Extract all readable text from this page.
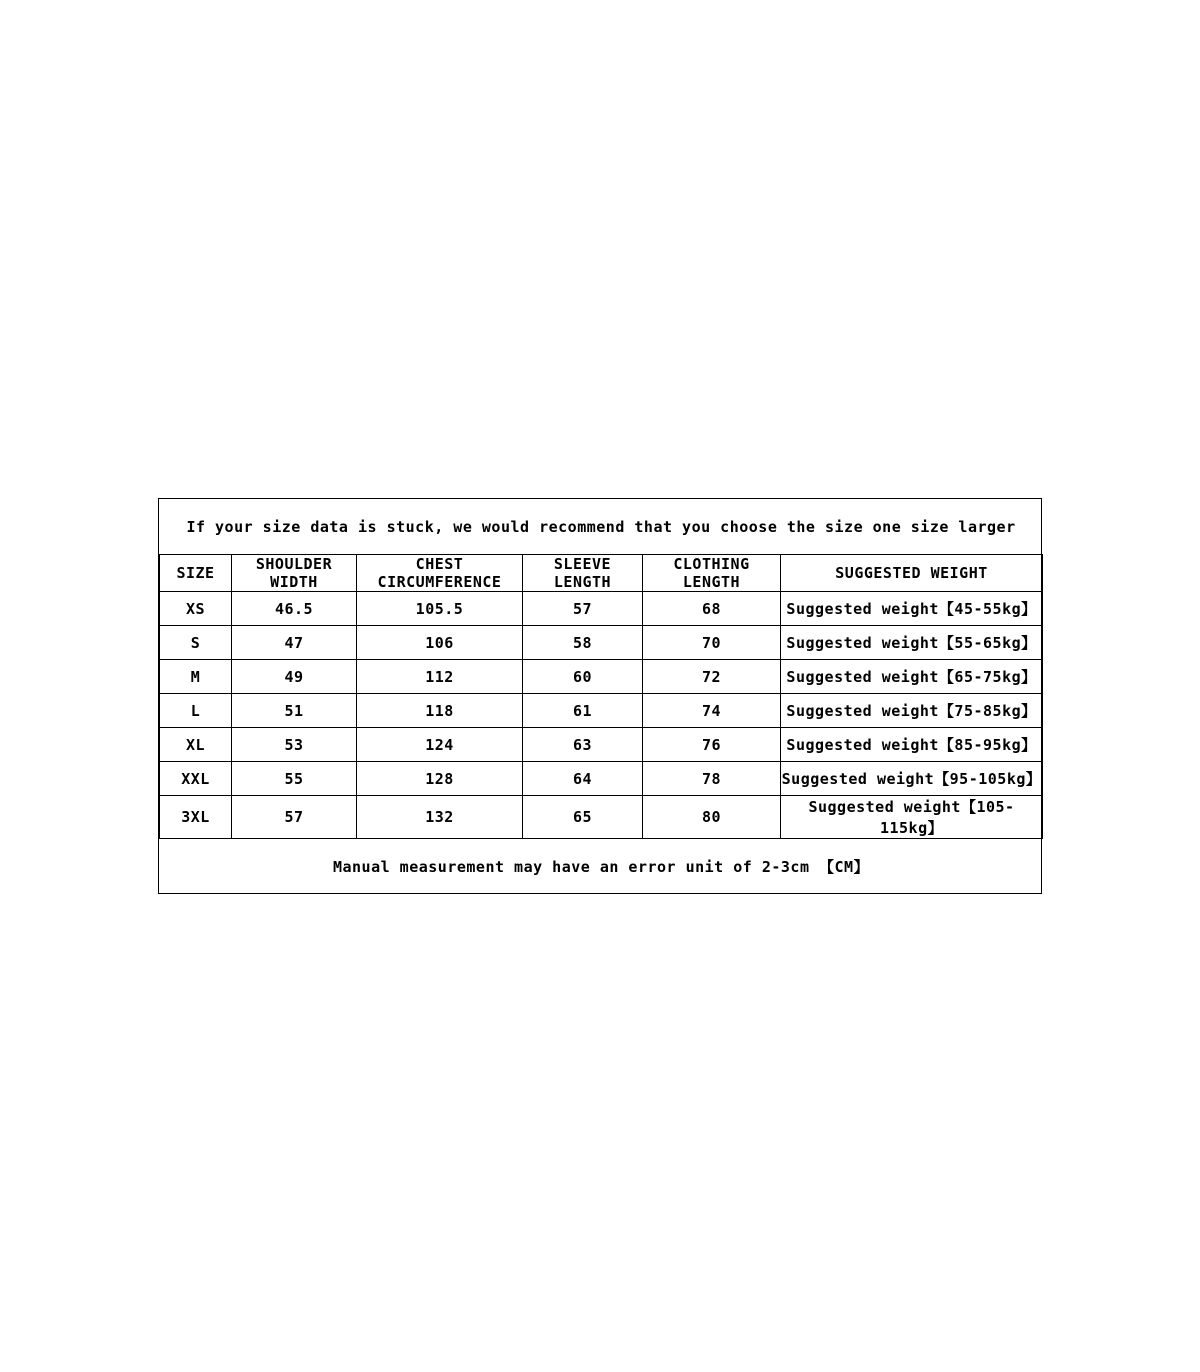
If your size data is stuck, we would recommend that you choose the size one size larger					
SIZE	SHOULDER WIDTH	CHEST CIRCUMFERENCE	SLEEVE LENGTH	CLOTHING LENGTH	SUGGESTED WEIGHT
XS	46.5	105.5	57	68	Suggested weight【45-55kg】
S	47	106	58	70	Suggested weight【55-65kg】
M	49	112	60	72	Suggested weight【65-75kg】
L	51	118	61	74	Suggested weight【75-85kg】
XL	53	124	63	76	Suggested weight【85-95kg】
XXL	55	128	64	78	Suggested weight【95-105kg】
3XL	57	132	65	80	Suggested weight【105-115kg】
Manual measurement may have an error unit of 2-3cm 【CM】					
